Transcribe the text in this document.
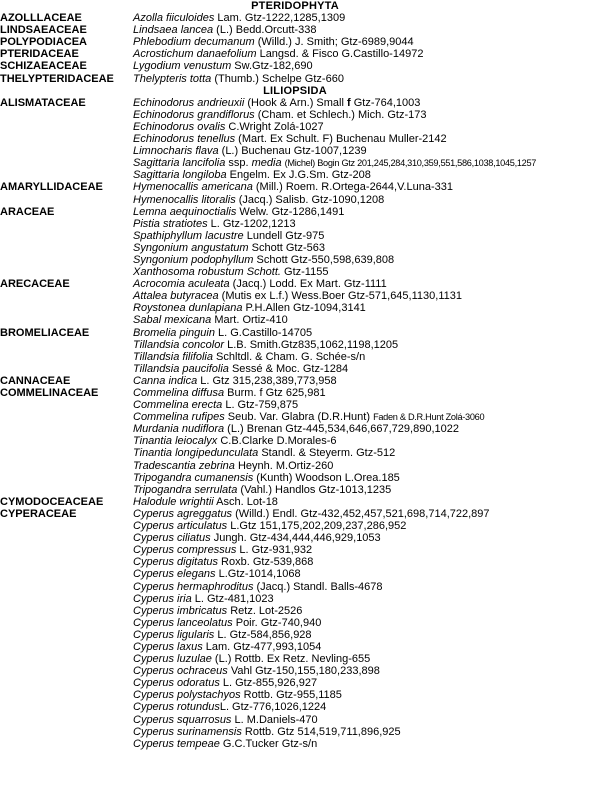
PTERIDOPHYTA
AZOLLLACEAE	Azolla fiiculoides Lam. Gtz-1222,1285,1309
LINDSAEACEAE	Lindsaea lancea (L.) Bedd.Orcutt-338
POLYPODIACEA	Phlebodium decumanum (Willd.) J. Smith; Gtz-6989,9044
PTERIDACEAE	Acrostichum danaefolium Langsd. & Fisco G.Castillo-14972
SCHIZAEACEAE	Lygodium venustum Sw.Gtz-182,690
THELYPTERIDACEAE	Thelypteris totta (Thumb.) Schelpe Gtz-660
LILIOPSIDA
ALISMATACEAE	Echinodorus andrieuxii (Hook & Arn.) Small f Gtz-764,1003
Echinodorus grandiflorus (Cham. et Schlech.) Mich. Gtz-173
Echinodorus ovalis C.Wright Zolá-1027
Echinodorus tenellus (Mart. Ex Schult. F) Buchenau Muller-2142
Limnocharis flava (L.) Buchenau Gtz-1007,1239
Sagittaria lancifolia ssp. media (Michel) Bogin Gtz 201,245,284,310,359,551,586,1038,1045,1257
Sagittaria longiloba Engelm. Ex J.G.Sm. Gtz-208
AMARYLLIDACEAE	Hymenocallis americana (Mill.) Roem. R.Ortega-2644,V.Luna-331
Hymenocallis litoralis (Jacq.) Salisb. Gtz-1090,1208
ARACEAE	Lemna aequinoctialis Welw. Gtz-1286,1491
Pistia stratiotes L. Gtz-1202,1213
Spathiphyllum lacustre Lundell Gtz-975
Syngonium angustatum Schott Gtz-563
Syngonium podophyllum Schott Gtz-550,598,639,808
Xanthosoma robustum Schott. Gtz-1155
ARECACEAE	Acrocomia aculeata (Jacq.) Lodd. Ex Mart. Gtz-1111
Attalea butyracea (Mutis ex L.f.) Wess.Boer Gtz-571,645,1130,1131
Roystonea dunlapiana P.H.Allen Gtz-1094,3141
Sabal mexicana Mart. Ortiz-410
BROMELIACEAE	Bromelia pinguin L. G.Castillo-14705
Tillandsia concolor L.B. Smith.Gtz835,1062,1198,1205
Tillandsia filifolia Schltdl. & Cham. G. Schée-s/n
Tillandsia paucifolia Sessé & Moc. Gtz-1284
CANNACEAE	Canna indica L. Gtz 315,238,389,773,958
COMMELINACEAE	Commelina diffusa Burm. f Gtz 625,981
Commelina erecta L. Gtz-759,875
Commelina rufipes Seub. Var. Glabra (D.R.Hunt) Faden & D.R.Hunt Zolá-3060
Murdania nudiflora (L.) Brenan Gtz-445,534,646,667,729,890,1022
Tinantia leiocalyx C.B.Clarke D.Morales-6
Tinantia longipedunculata Standl. & Steyerm. Gtz-512
Tradescantia zebrina Heynh. M.Ortiz-260
Tripogandra cumanensis (Kunth) Woodson L.Orea.185
Tripogandra serrulata (Vahl.) Handlos Gtz-1013,1235
CYMODOCEACEAE	Halodule wrightii Asch. Lot-18
CYPERACEAE	Cyperus agreggatus (Willd.) Endl. Gtz-432,452,457,521,698,714,722,897
Cyperus articulatus L.Gtz 151,175,202,209,237,286,952
Cyperus ciliatus Jungh. Gtz-434,444,446,929,1053
Cyperus compressus L. Gtz-931,932
Cyperus digitatus Roxb. Gtz-539,868
Cyperus elegans L.Gtz-1014,1068
Cyperus hermaphroditus (Jacq.) Standl. Balls-4678
Cyperus iria L. Gtz-481,1023
Cyperus imbricatus Retz. Lot-2526
Cyperus lanceolatus Poir. Gtz-740,940
Cyperus ligularis L. Gtz-584,856,928
Cyperus laxus Lam. Gtz-477,993,1054
Cyperus luzulae (L.) Rottb. Ex Retz. Nevling-655
Cyperus ochraceus Vahl Gtz-150,155,180,233,898
Cyperus odoratus L. Gtz-855,926,927
Cyperus polystachyos Rottb. Gtz-955,1185
Cyperus rotundusL. Gtz-776,1026,1224
Cyperus squarrosus L. M.Daniels-470
Cyperus surinamensis Rottb. Gtz 514,519,711,896,925
Cyperus tempeae G.C.Tucker Gtz-s/n
